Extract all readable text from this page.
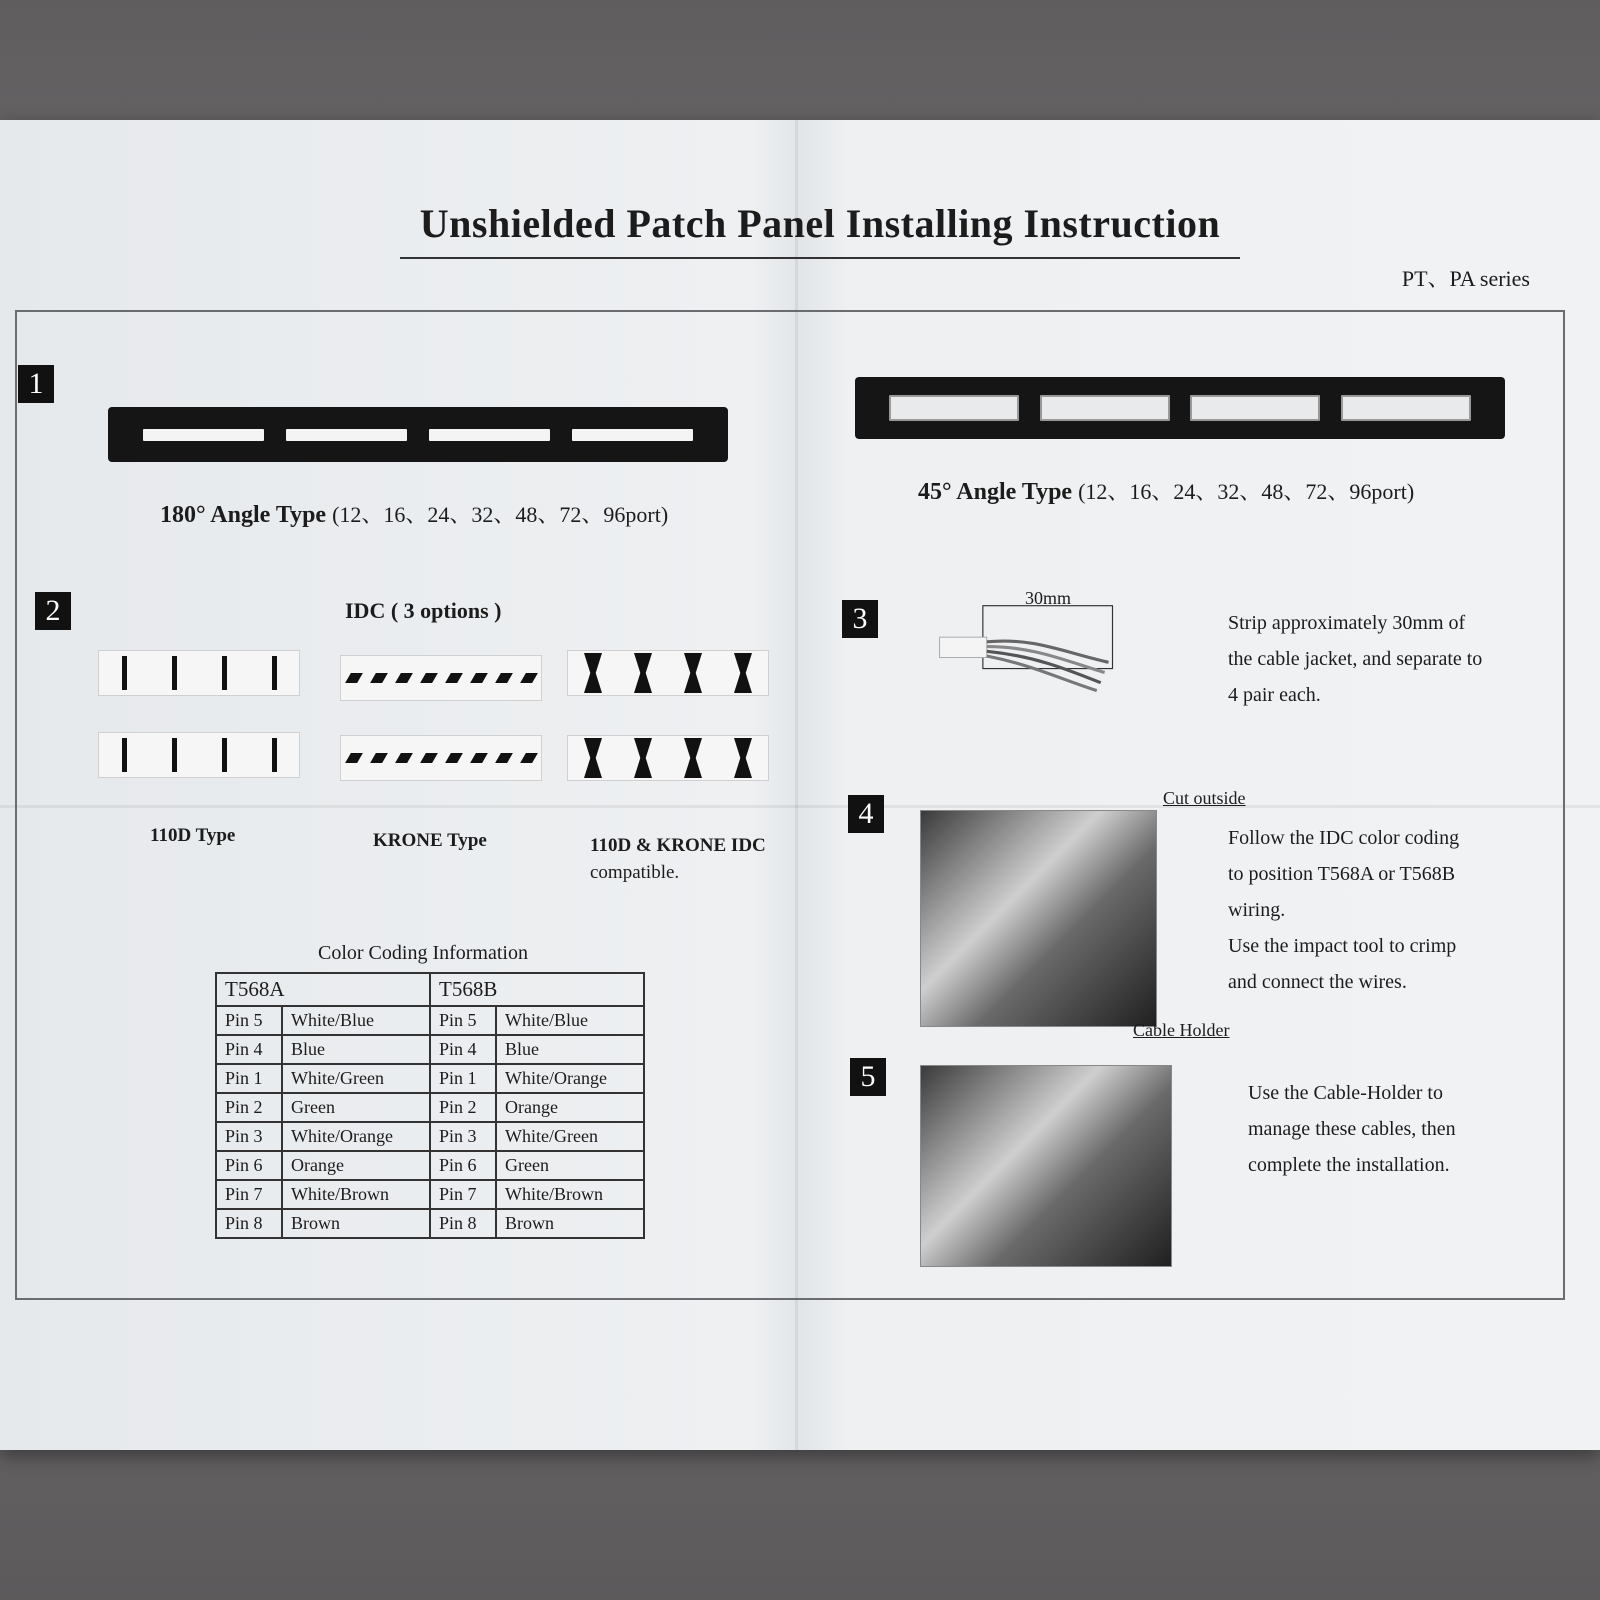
Unshielded Patch Panel Installing Instruction
PT、PA series
1
180° Angle Type (12、16、24、32、48、72、96port)
45° Angle Type (12、16、24、32、48、72、96port)
2	IDC ( 3 options )
110D Type	KRONE Type	110D & KRONE IDC
compatible.
Color Coding Information
T568A		T568B	
Pin 5	White/Blue	Pin 5	White/Blue
Pin 4	Blue	Pin 4	Blue
Pin 1	White/Green	Pin 1	White/Orange
Pin 2	Green	Pin 2	Orange
Pin 3	White/Orange	Pin 3	White/Green
Pin 6	Orange	Pin 6	Green
Pin 7	White/Brown	Pin 7	White/Brown
Pin 8	Brown	Pin 8	Brown
3
30mm
Strip approximately 30mm of
the cable jacket, and separate to
4 pair each.
4	Cut outside
Follow the IDC color coding
to position T568A or T568B
wiring.
Use the impact tool to crimp
and connect the wires.
5
Cable Holder
Use the Cable-Holder to
manage these cables, then
complete the installation.
